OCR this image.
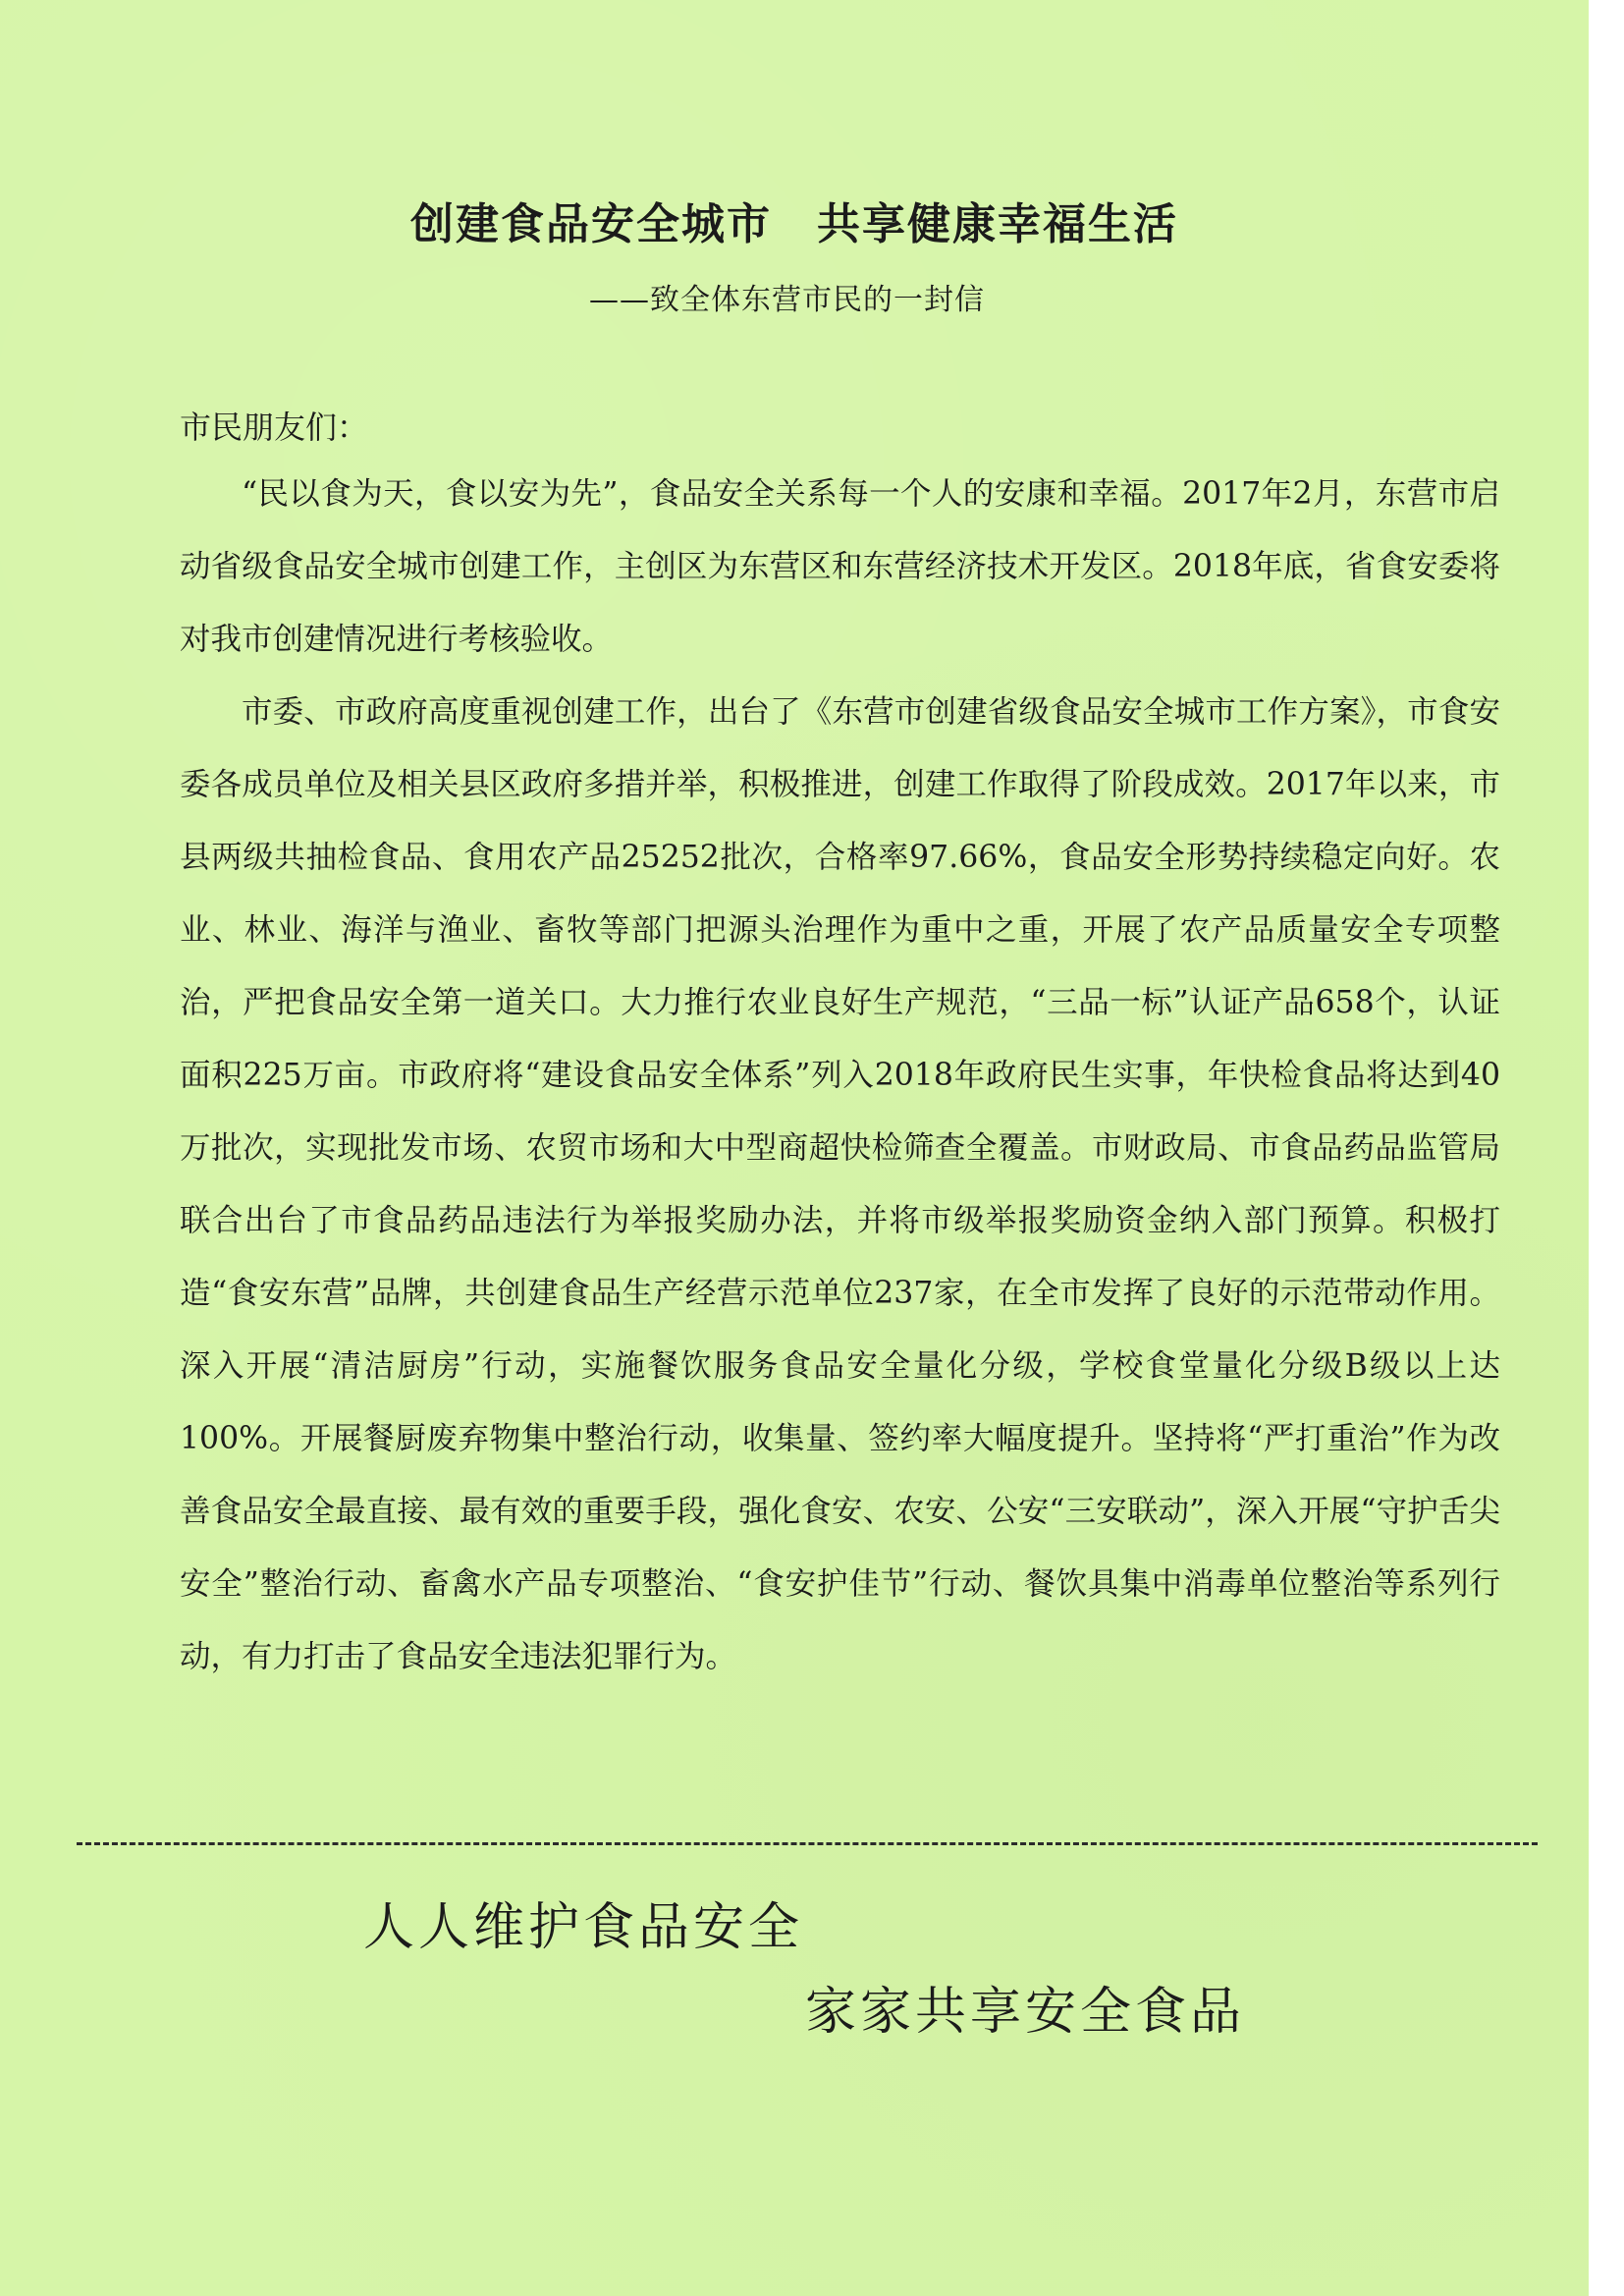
创建食品安全城市　共享健康幸福生活
——致全体东营市民的一封信
市民朋友们：

“民以食为天，食以安为先”，食品安全关系每一个人的安康和幸福。2017年2月，东营市启动省级食品安全城市创建工作，主创区为东营区和东营经济技术开发区。2018年底，省食安委将对我市创建情况进行考核验收。

市委、市政府高度重视创建工作，出台了《东营市创建省级食品安全城市工作方案》，市食安委各成员单位及相关县区政府多措并举，积极推进，创建工作取得了阶段成效。2017年以来，市县两级共抽检食品、食用农产品25252批次，合格率97.66%，食品安全形势持续稳定向好。农业、林业、海洋与渔业、畜牧等部门把源头治理作为重中之重，开展了农产品质量安全专项整治，严把食品安全第一道关口。大力推行农业良好生产规范，“三品一标”认证产品658个，认证面积225万亩。市政府将“建设食品安全体系”列入2018年政府民生实事，年快检食品将达到40万批次，实现批发市场、农贸市场和大中型商超快检筛查全覆盖。市财政局、市食品药品监管局联合出台了市食品药品违法行为举报奖励办法，并将市级举报奖励资金纳入部门预算。积极打造“食安东营”品牌，共创建食品生产经营示范单位237家，在全市发挥了良好的示范带动作用。深入开展“清洁厨房”行动，实施餐饮服务食品安全量化分级，学校食堂量化分级B级以上达100%。开展餐厨废弃物集中整治行动，收集量、签约率大幅度提升。坚持将“严打重治”作为改善食品安全最直接、最有效的重要手段，强化食安、农安、公安“三安联动”，深入开展“守护舌尖安全”整治行动、畜禽水产品专项整治、“食安护佳节”行动、餐饮具集中消毒单位整治等系列行动，有力打击了食品安全违法犯罪行为。

人人维护食品安全
家家共享安全食品
